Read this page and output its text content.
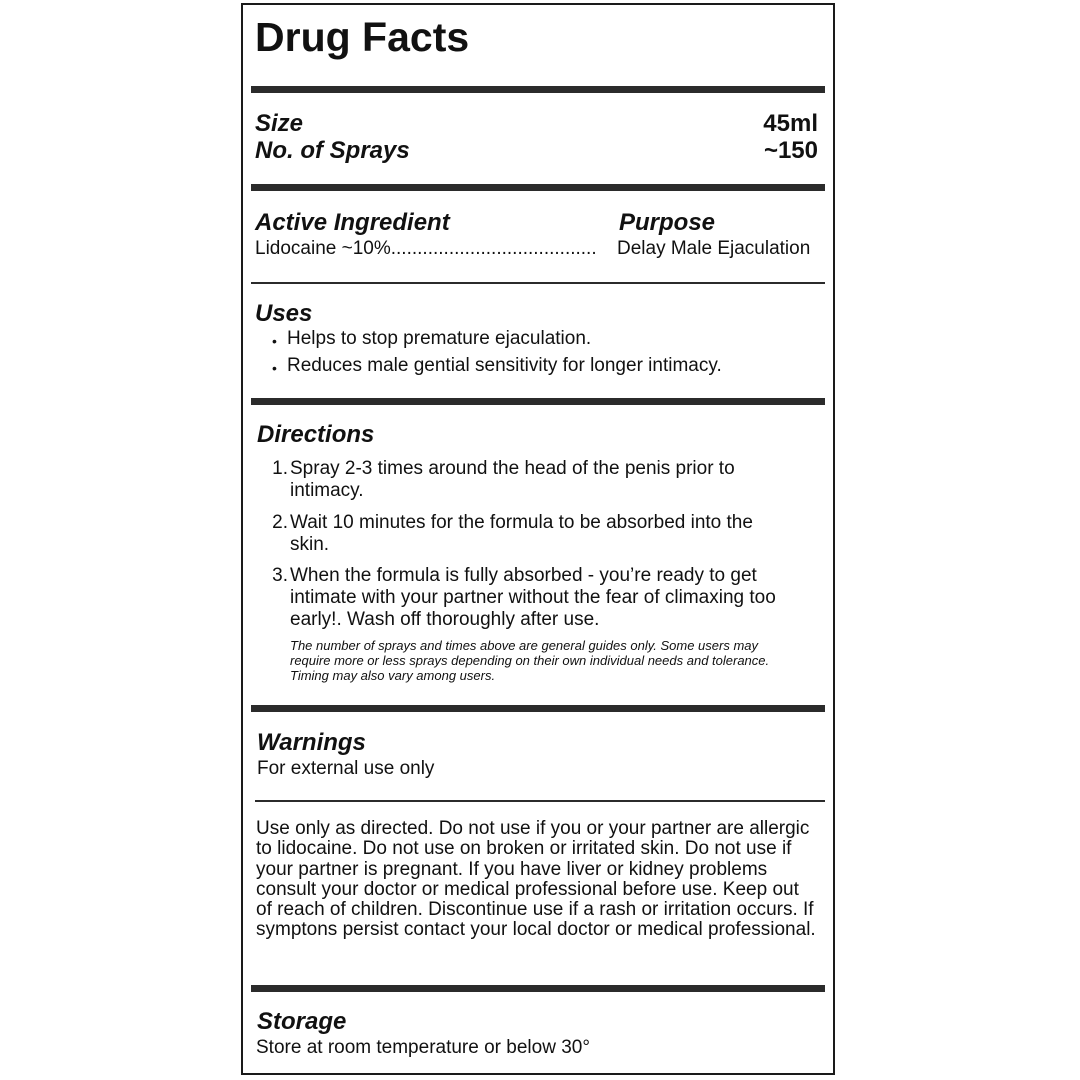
Drug Facts
Size	45ml
No. of Sprays	~150
Active Ingredient	Purpose
Lidocaine ~10%.......................................	Delay Male Ejaculation
Uses
• Helps to stop premature ejaculation.
• Reduces male gential sensitivity for longer intimacy.
Directions
1. Spray 2-3 times around the head of the penis prior to intimacy.
2. Wait 10 minutes for the formula to be absorbed into the skin.
3. When the formula is fully absorbed - you’re ready to get intimate with your partner without the fear of climaxing too early!. Wash off thoroughly after use.
The number of sprays and times above are general guides only. Some users may require more or less sprays depending on their own individual needs and tolerance. Timing may also vary among users.
Warnings
For external use only
Use only as directed. Do not use if you or your partner are allergic to lidocaine. Do not use on broken or irritated skin. Do not use if your partner is pregnant. If you have liver or kidney problems consult your doctor or medical professional before use. Keep out of reach of children. Discontinue use if a rash or irritation occurs. If symptons persist contact your local doctor or medical professional.
Storage
Store at room temperature or below 30°
